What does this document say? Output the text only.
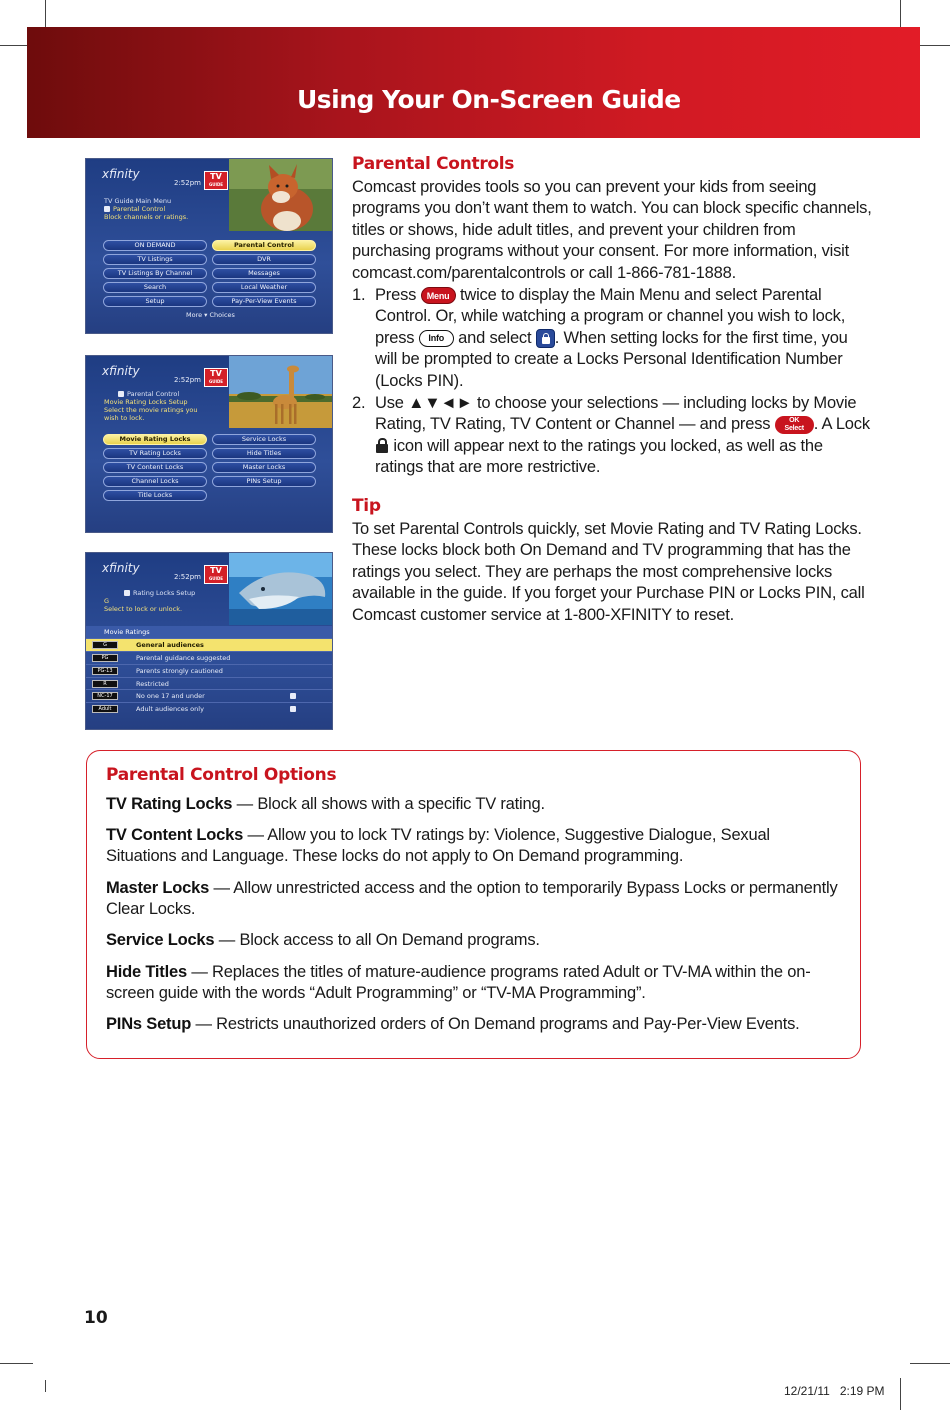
Using Your On-Screen Guide
xfinity
2:52pm
TV
GUIDE
TV Guide Main Menu
Parental Control
Block channels or ratings.
ON DEMAND
TV Listings
TV Listings By Channel
Search
Setup
Parental Control
DVR
Messages
Local Weather
Pay-Per-View Events
More ▾ Choices
xfinity
2:52pm
TV
GUIDE
Parental Control
Movie Rating Locks Setup
Select the movie ratings you
wish to lock.
Movie Rating Locks
TV Rating Locks
TV Content Locks
Channel Locks
Title Locks
Service Locks
Hide Titles
Master Locks
PINs Setup
xfinity
2:52pm
TV
GUIDE
Rating Locks Setup
G
Select to lock or unlock.
Movie Ratings
G	General audiences
PG	Parental guidance suggested
PG-13	Parents strongly cautioned
R	Restricted
NC-17	No one 17 and under
Adult	Adult audiences only
Parental Controls

Comcast provides tools so you can prevent your kids from seeing programs you don’t want them to watch. You can block specific channels, titles or shows, hide adult titles, and prevent your children from purchasing programs without your consent. For more information, visit comcast.com/parentalcontrols or call 1-866-781-1888.

1. Press Menu twice to display the Main Menu and select Parental Control. Or, while watching a program or channel you wish to lock, press Info and select . When setting locks for the first time, you will be prompted to create a Locks Personal Identification Number (Locks PIN).
2. Use ▲▼◄► to choose your selections — including locks by Movie Rating, TV Rating, TV Content or Channel — and press	OK
Select . A Lock  icon will appear next to the ratings you locked, as well as the ratings that are more restrictive.
Tip

To set Parental Controls quickly, set Movie Rating and TV Rating Locks. These locks block both On Demand and TV programming that has the ratings you select. They are perhaps the most comprehensive locks available in the guide. If you forget your Purchase PIN or Locks PIN, call Comcast customer service at 1-800-XFINITY to reset.

Parental Control Options

TV Rating Locks — Block all shows with a specific TV rating.

TV Content Locks — Allow you to lock TV ratings by: Violence, Suggestive Dialogue, Sexual Situations and Language. These locks do not apply to On Demand programming.

Master Locks — Allow unrestricted access and the option to temporarily Bypass Locks or permanently Clear Locks.

Service Locks — Block access to all On Demand programs.

Hide Titles — Replaces the titles of mature-audience programs rated Adult or TV-MA within the on-screen guide with the words “Adult Programming” or “TV-MA Programming”.

PINs Setup — Restricts unauthorized orders of On Demand programs and Pay-Per-View Events.

10
12/21/11   2:19 PM
